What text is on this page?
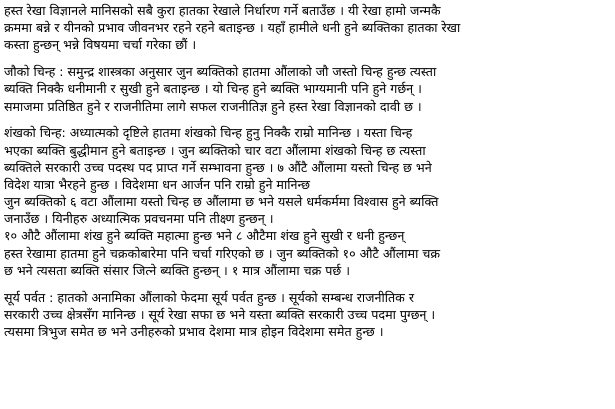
हस्त रेखा विज्ञानले मानिसको सबै कुरा हातका रेखाले निर्धारण गर्ने बताउँछ । यी रेखा हामो जन्मकै
क्रममा बन्ने र यीनको प्रभाव जीवनभर रहने रहने बताइन्छ । यहाँ हामीले धनी हुने ब्यक्तिका हातका रेखा
कस्ता हुन्छन् भन्ने विषयमा चर्चा गरेका छौं ।
जौको चिन्ह : समुन्द्र शास्त्रका अनुसार जुन ब्यक्तिको हातमा औंलाको जौ जस्तो चिन्ह हुन्छ त्यस्ता
ब्यक्ति निक्कै धनीमानी र सुखी हुने बताइन्छ । यो चिन्ह हुने ब्यक्ति भाग्यमानी पनि हुने गर्छन् ।
समाजमा प्रतिष्ठित हुने र राजनीतिमा लागे सफल राजनीतिज्ञ हुने हस्त रेखा विज्ञानको दावी छ ।
शंखको चिन्ह: अध्यात्मको दृष्टिले हातमा शंखको चिन्ह हुनु निक्कै राम्रो मानिन्छ । यस्ता चिन्ह
भएका ब्यक्ति बुद्धीमान हुने बताइन्छ । जुन ब्यक्तिको चार वटा औंलामा शंखको चिन्ह छ त्यस्ता
ब्यक्तिले सरकारी उच्च पदस्थ पद प्राप्त गर्ने सम्भावना हुन्छ । ७ औंटै औंलामा यस्तो चिन्ह छ भने
विदेश यात्रा भैरहने हुन्छ । विदेशमा धन आर्जन पनि राम्रो हुने मानिन्छ
जुन ब्यक्तिको ६ वटा औंलामा यस्तो चिन्ह छ औंलामा छ भने यसले धर्मकर्ममा विश्वास हुने ब्यक्ति
जनाउँछ । यिनीहरु अध्यात्मिक प्रवचनमा पनि तीक्ष्ण हुन्छन् ।
१० औटै औंलामा शंख हुने ब्यक्ति महात्मा हुन्छ भने ८ औटैमा शंख हुने सुखी र धनी हुन्छन्
हस्त रेखामा हातमा हुने चक्रकोबारेमा पनि चर्चा गरिएको छ । जुन ब्यक्तिको १० औटै औंलामा चक्र
छ भने त्यसता ब्यक्ति संसार जित्ने ब्यक्ति हुन्छन् । १ मात्र औंलामा चक्र पर्छ ।
सूर्य पर्वत : हातको अनामिका औंलाको फेदमा सूर्य पर्वत हुन्छ । सूर्यको सम्बन्ध राजनीतिक र
सरकारी उच्च क्षेत्रसँग मानिन्छ । सूर्य रेखा सफा छ भने यस्ता ब्यक्ति सरकारी उच्च पदमा पुग्छन् ।
त्यसमा त्रिभुज समेत छ भने उनीहरुको प्रभाव देशमा मात्र होइन विदेशमा समेत हुन्छ ।
